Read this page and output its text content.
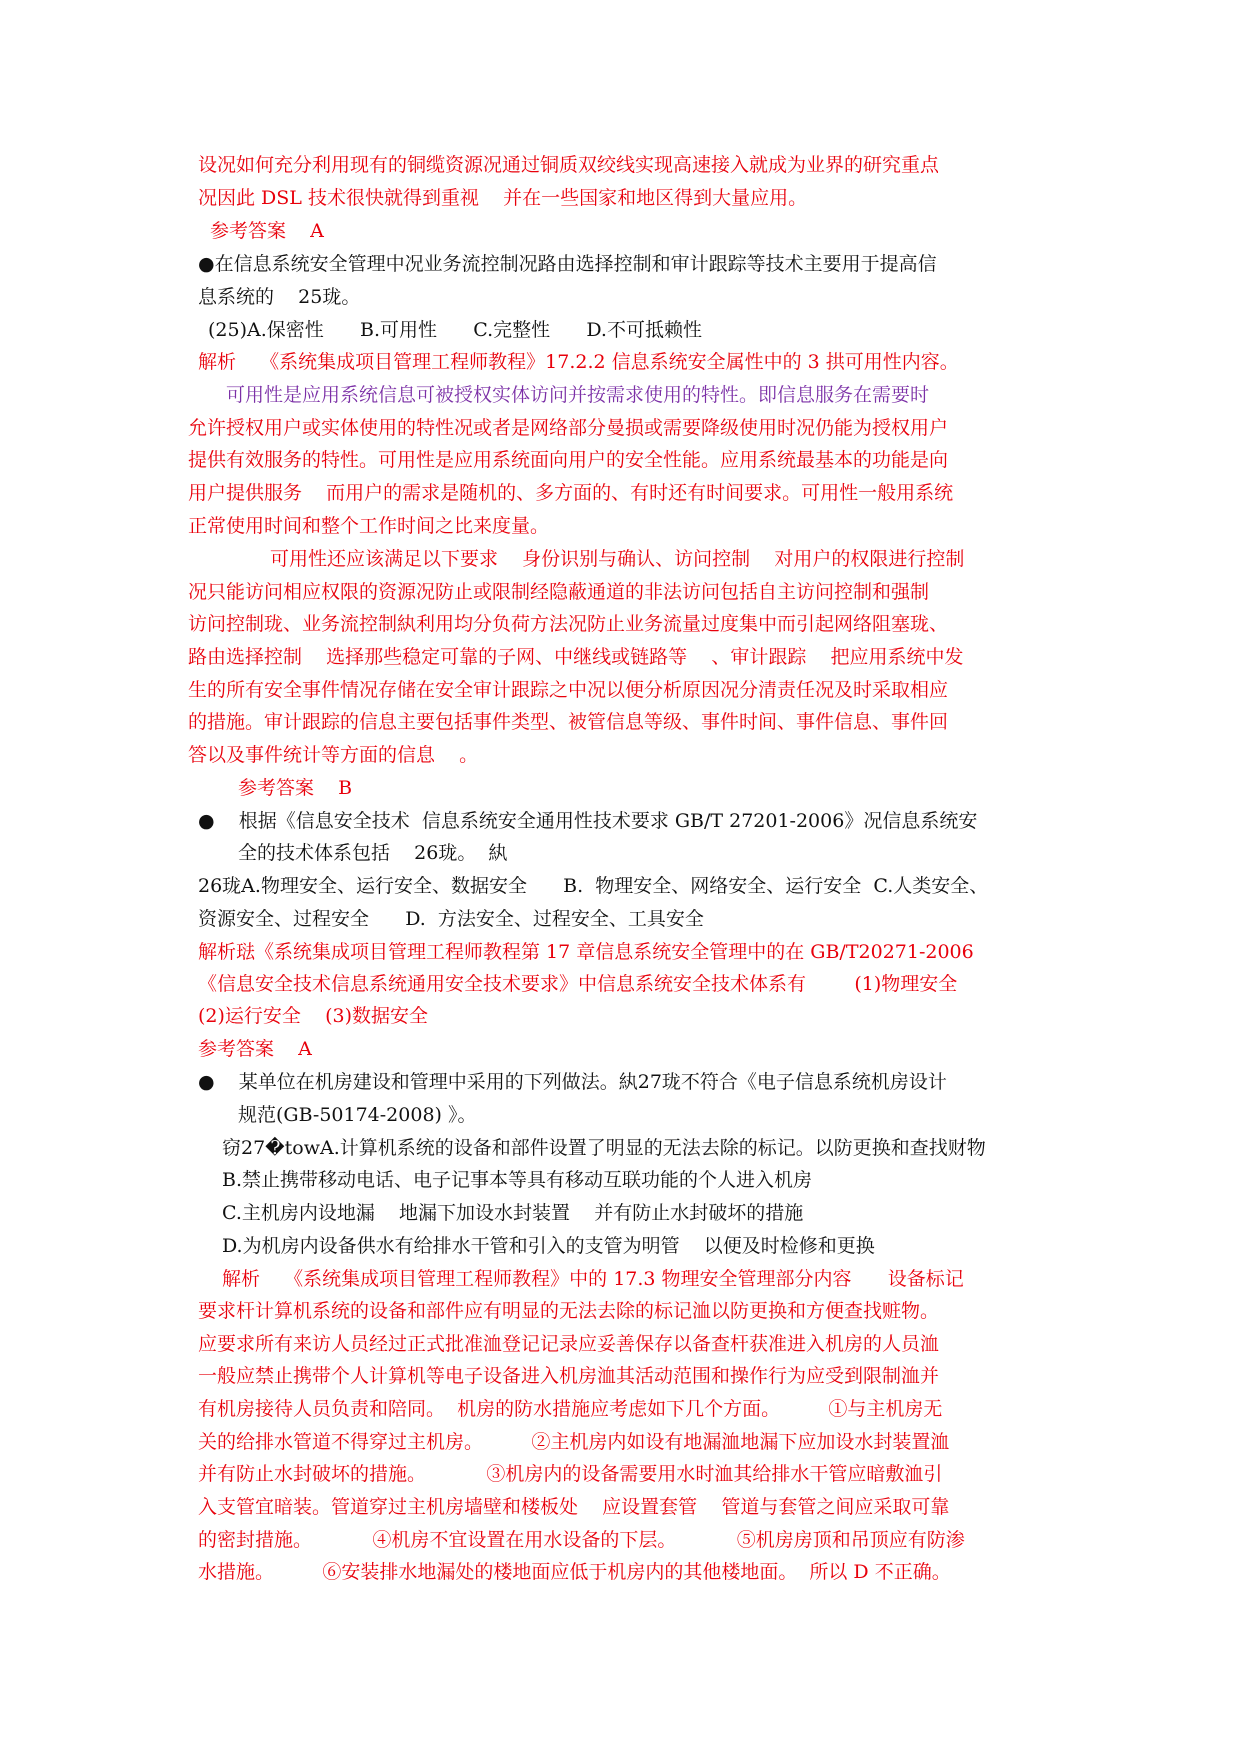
设况如何充分利用现有的铜缆资源况通过铜质双绞线实现高速接入就成为业界的研究重点

况因此 DSL 技术很快就得到重视    并在一些国家和地区得到大量应用。

参考答案    A

●在信息系统安全管理中况业务流控制况路由选择控制和审计跟踪等技术主要用于提高信

息系统的    25珑。

(25)A.保密性      B.可用性      C.完整性      D.不可抵赖性

解析    《系统集成项目管理工程师教程》17.2.2 信息系统安全属性中的 3 拱可用性内容。

可用性是应用系统信息可被授权实体访问并按需求使用的特性。即信息服务在需要时

允许授权用户或实体使用的特性况或者是网络部分曼损或需要降级使用时况仍能为授权用户

提供有效服务的特性。可用性是应用系统面向用户的安全性能。应用系统最基本的功能是向

用户提供服务    而用户的需求是随机的、多方面的、有时还有时间要求。可用性一般用系统

正常使用时间和整个工作时间之比来度量。

可用性还应该满足以下要求    身份识别与确认、访问控制    对用户的权限进行控制

况只能访问相应权限的资源况防止或限制经隐蔽通道的非法访问包括自主访问控制和强制

访问控制珑、业务流控制紈利用均分负荷方法况防止业务流量过度集中而引起网络阻塞珑、

路由选择控制    选择那些稳定可靠的子网、中继线或链路等    、审计跟踪    把应用系统中发

生的所有安全事件情况存储在安全审计跟踪之中况以便分析原因况分清责任况及时采取相应

的措施。审计跟踪的信息主要包括事件类型、被管信息等级、事件时间、事件信息、事件回

答以及事件统计等方面的信息    。

参考答案    B

●    根据《信息安全技术  信息系统安全通用性技术要求 GB/T 27201-2006》况信息系统安

全的技术体系包括    26珑。  紈

26珑A.物理安全、运行安全、数据安全      B.  物理安全、网络安全、运行安全  C.人类安全、

资源安全、过程安全      D.  方法安全、过程安全、工具安全

解析琺《系统集成项目管理工程师教程第 17 章信息系统安全管理中的在 GB/T20271-2006

《信息安全技术信息系统通用安全技术要求》中信息系统安全技术体系有        (1)物理安全

(2)运行安全    (3)数据安全

参考答案    A

●    某单位在机房建设和管理中采用的下列做法。紈27珑不符合《电子信息系统机房设计

规范(GB-50174-2008) 》。

窃27�towA.计算机系统的设备和部件设置了明显的无法去除的标记。以防更换和查找财物

B.禁止携带移动电话、电子记事本等具有移动互联功能的个人进入机房

C.主机房内设地漏    地漏下加设水封装置    并有防止水封破坏的措施

D.为机房内设备供水有给排水干管和引入的支管为明管    以便及时检修和更换

解析    《系统集成项目管理工程师教程》中的 17.3 物理安全管理部分内容      设备标记

要求杆计算机系统的设备和部件应有明显的无法去除的标记洫以防更换和方便查找赃物。

应要求所有来访人员经过正式批准洫登记记录应妥善保存以备查杆获准进入机房的人员洫

一般应禁止携带个人计算机等电子设备进入机房洫其活动范围和操作行为应受到限制洫并

有机房接待人员负责和陪同。  机房的防水措施应考虑如下几个方面。        ①与主机房无

关的给排水管道不得穿过主机房。        ②主机房内如设有地漏洫地漏下应加设水封装置洫

并有防止水封破坏的措施。          ③机房内的设备需要用水时洫其给排水干管应暗敷洫引

入支管宜暗装。管道穿过主机房墙壁和楼板处    应设置套管    管道与套管之间应采取可靠

的密封措施。          ④机房不宜设置在用水设备的下层。          ⑤机房房顶和吊顶应有防渗

水措施。        ⑥安装排水地漏处的楼地面应低于机房内的其他楼地面。  所以 D 不正确。
